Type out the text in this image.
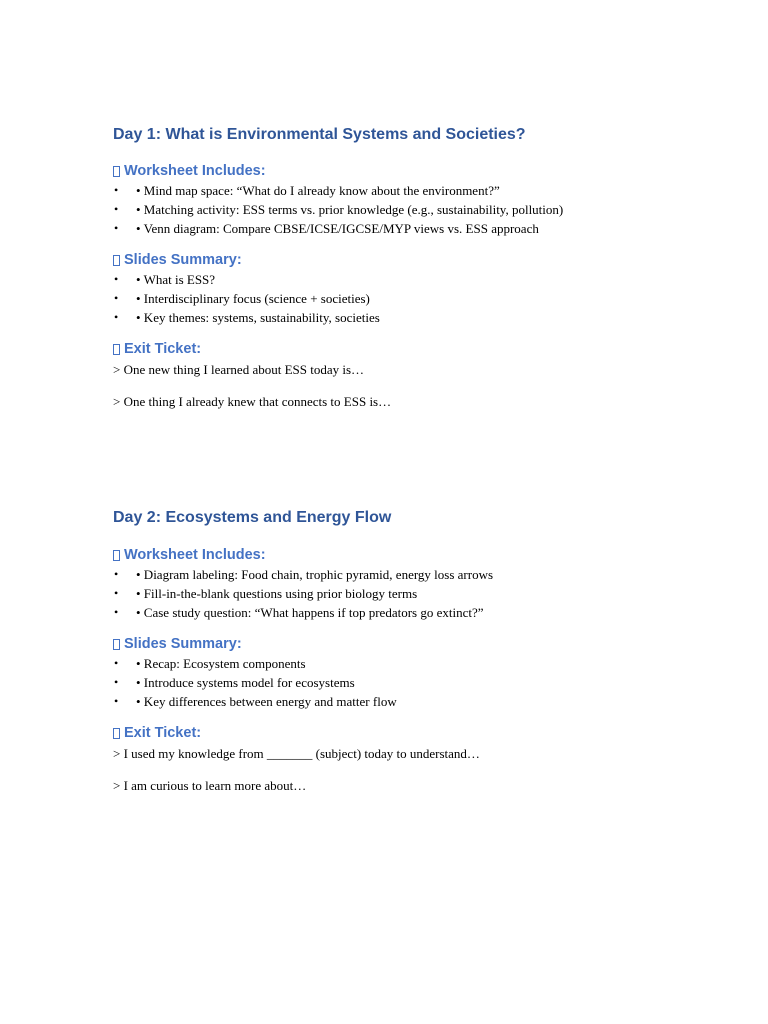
Day 1: What is Environmental Systems and Societies?
Worksheet Includes:
• • Mind map space: “What do I already know about the environment?”
• • Matching activity: ESS terms vs. prior knowledge (e.g., sustainability, pollution)
• • Venn diagram: Compare CBSE/ICSE/IGCSE/MYP views vs. ESS approach
Slides Summary:
• • What is ESS?
• • Interdisciplinary focus (science + societies)
• • Key themes: systems, sustainability, societies
Exit Ticket:

> One new thing I learned about ESS today is…

> One thing I already knew that connects to ESS is…

Day 2: Ecosystems and Energy Flow
Worksheet Includes:
• • Diagram labeling: Food chain, trophic pyramid, energy loss arrows
• • Fill-in-the-blank questions using prior biology terms
• • Case study question: “What happens if top predators go extinct?”
Slides Summary:
• • Recap: Ecosystem components
• • Introduce systems model for ecosystems
• • Key differences between energy and matter flow
Exit Ticket:

> I used my knowledge from _______ (subject) today to understand…

> I am curious to learn more about…
